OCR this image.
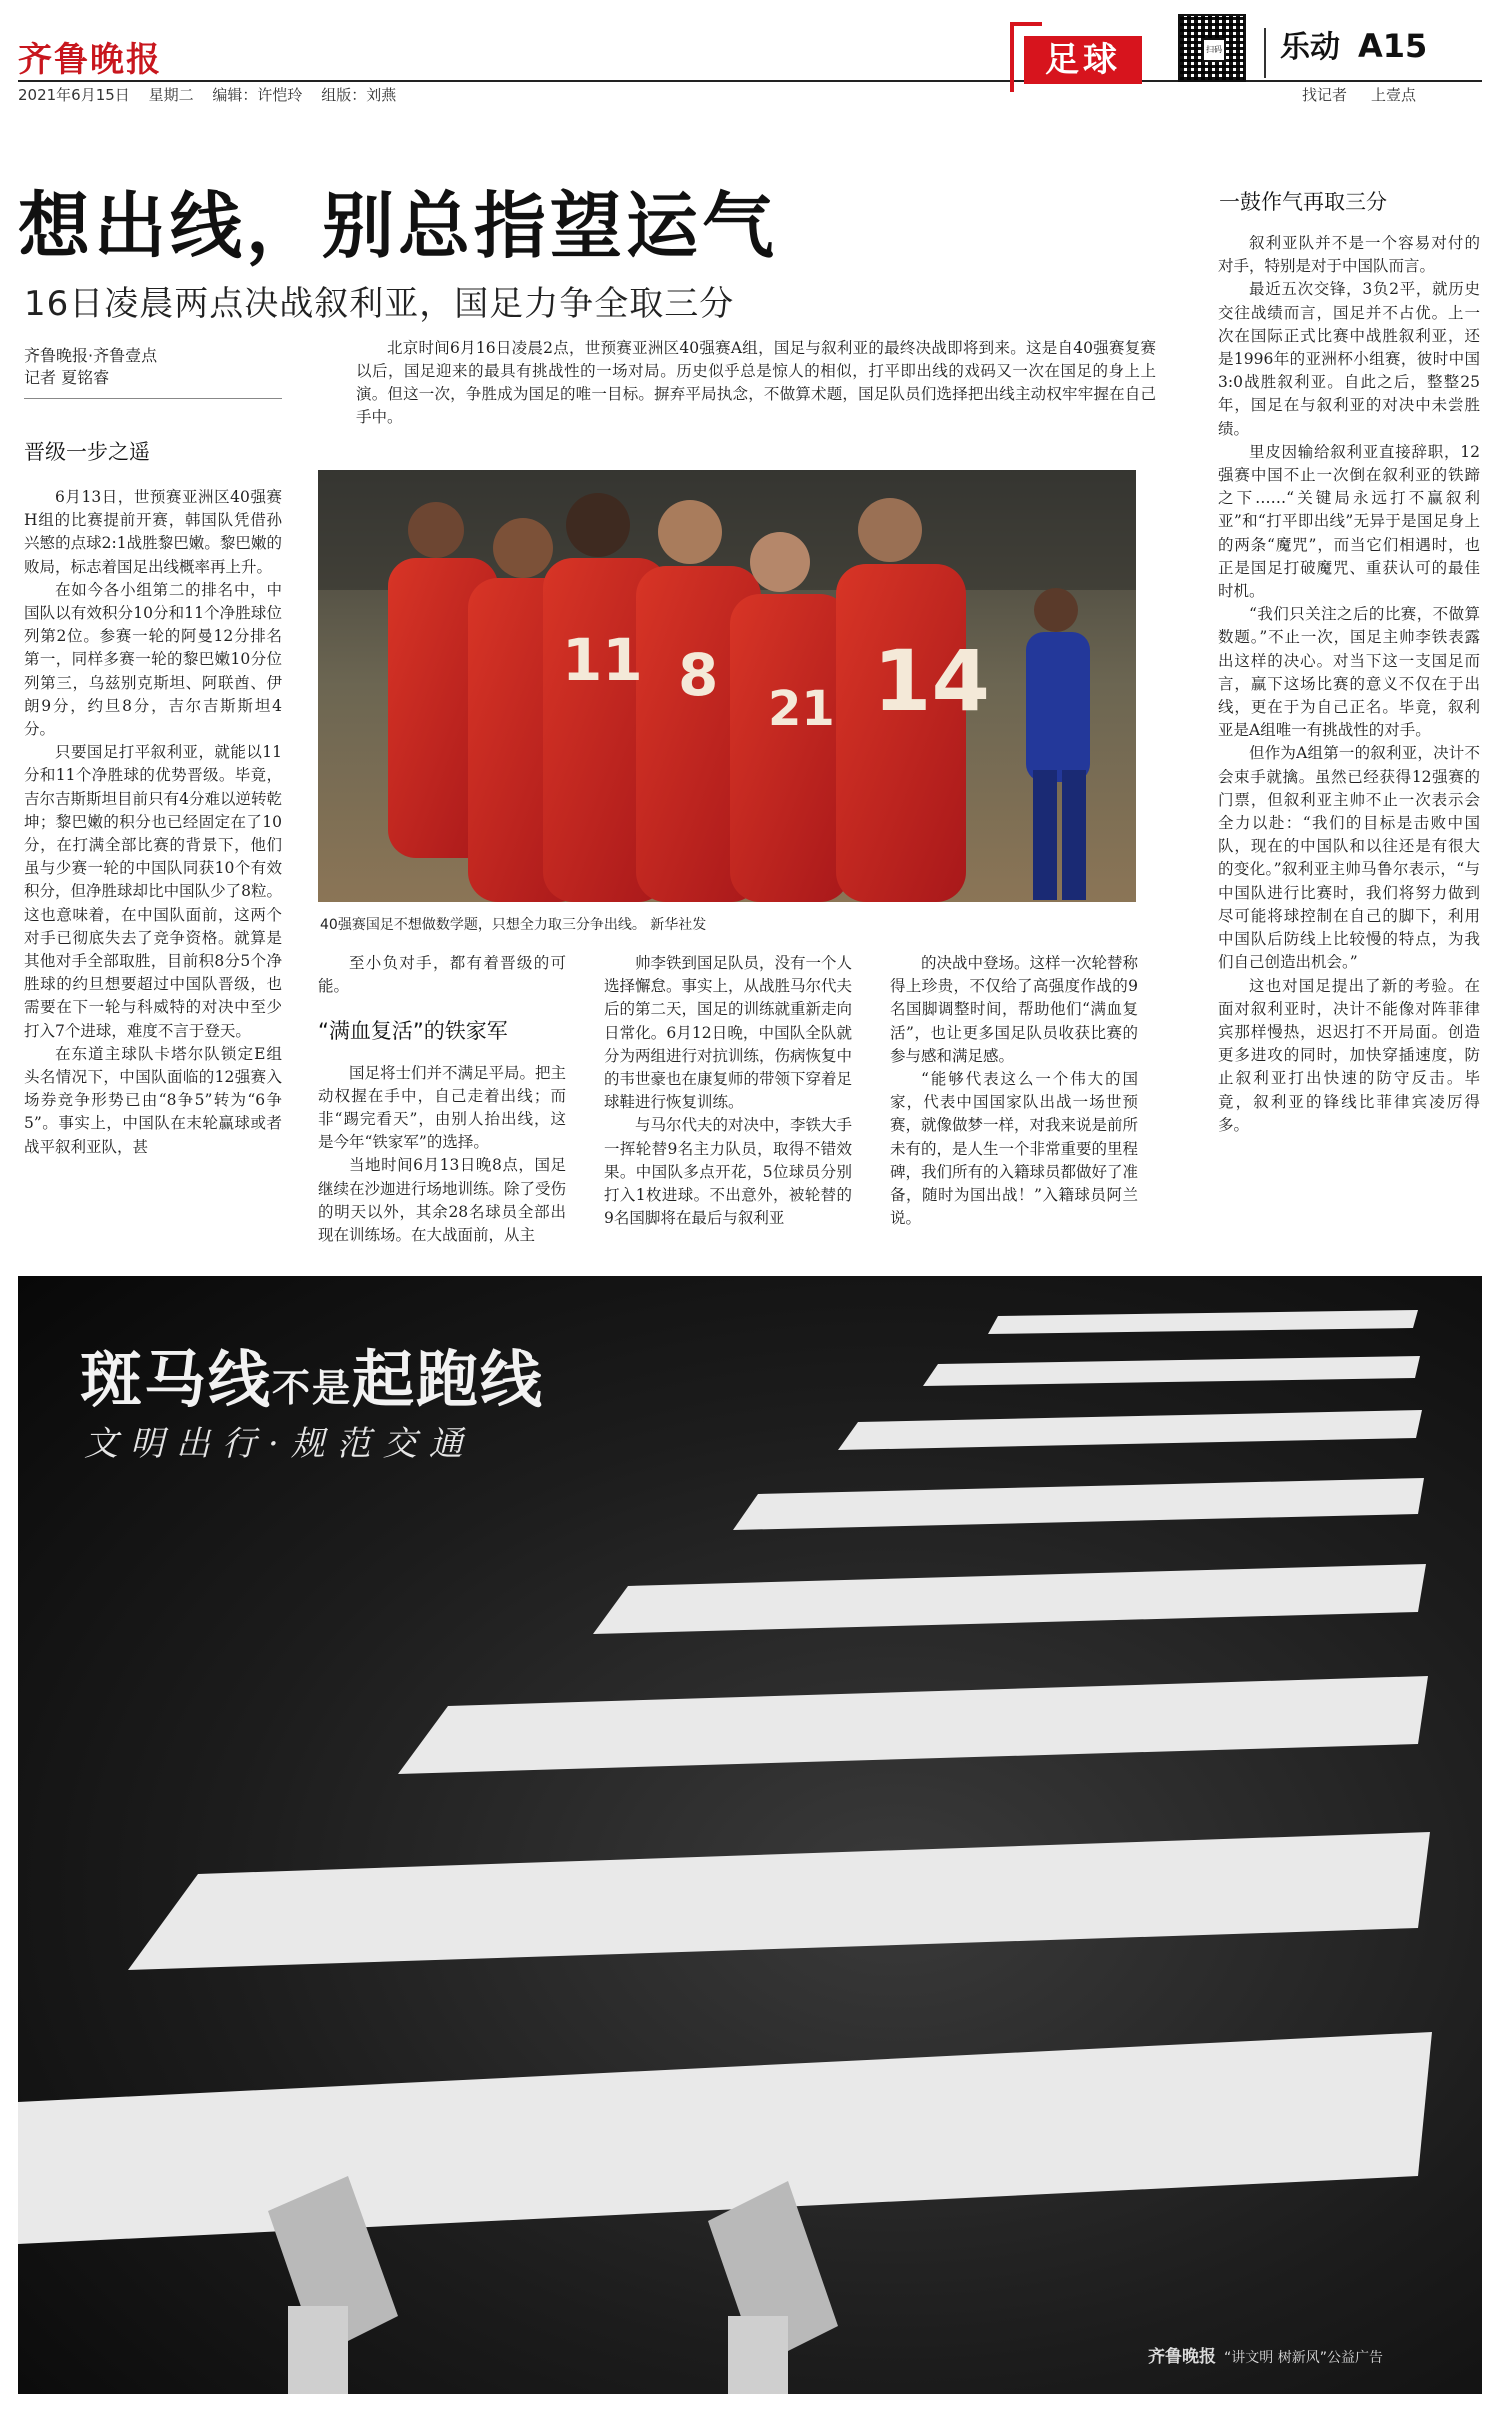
齐鲁晚报
2021年6月15日 星期二 编辑：许恺玲 组版：刘燕
足球	扫码 乐动 A15
找记者 上壹点
想出线，别总指望运气
16日凌晨两点决战叙利亚，国足力争全取三分
齐鲁晚报·齐鲁壹点
记者 夏铭睿
北京时间6月16日凌晨2点，世预赛亚洲区40强赛A组，国足与叙利亚的最终决战即将到来。这是自40强赛复赛以后，国足迎来的最具有挑战性的一场对局。历史似乎总是惊人的相似，打平即出线的戏码又一次在国足的身上上演。但这一次，争胜成为国足的唯一目标。摒弃平局执念，不做算术题，国足队员们选择把出线主动权牢牢握在自己手中。
11 8 21 14
40强赛国足不想做数学题，只想全力取三分争出线。 新华社发
晋级一步之遥

6月13日，世预赛亚洲区40强赛H组的比赛提前开赛，韩国队凭借孙兴慜的点球2:1战胜黎巴嫩。黎巴嫩的败局，标志着国足出线概率再上升。

在如今各小组第二的排名中，中国队以有效积分10分和11个净胜球位列第2位。参赛一轮的阿曼12分排名第一，同样多赛一轮的黎巴嫩10分位列第三，乌兹别克斯坦、阿联酋、伊朗9分，约旦8分，吉尔吉斯斯坦4分。

只要国足打平叙利亚，就能以11分和11个净胜球的优势晋级。毕竟，吉尔吉斯斯坦目前只有4分难以逆转乾坤；黎巴嫩的积分也已经固定在了10分，在打满全部比赛的背景下，他们虽与少赛一轮的中国队同获10个有效积分，但净胜球却比中国队少了8粒。这也意味着，在中国队面前，这两个对手已彻底失去了竞争资格。就算是其他对手全部取胜，目前积8分5个净胜球的约旦想要超过中国队晋级，也需要在下一轮与科威特的对决中至少打入7个进球，难度不言于登天。

在东道主球队卡塔尔队锁定E组头名情况下，中国队面临的12强赛入场券竞争形势已由“8争5”转为“6争5”。事实上，中国队在末轮赢球或者战平叙利亚队，甚

至小负对手，都有着晋级的可能。

“满血复活”的铁家军

国足将士们并不满足平局。把主动权握在手中，自己走着出线；而非“踢完看天”，由别人抬出线，这是今年“铁家军”的选择。

当地时间6月13日晚8点，国足继续在沙迦进行场地训练。除了受伤的明天以外，其余28名球员全部出现在训练场。在大战面前，从主

帅李铁到国足队员，没有一个人选择懈怠。事实上，从战胜马尔代夫后的第二天，国足的训练就重新走向日常化。6月12日晚，中国队全队就分为两组进行对抗训练，伤病恢复中的韦世豪也在康复师的带领下穿着足球鞋进行恢复训练。

与马尔代夫的对决中，李铁大手一挥轮替9名主力队员，取得不错效果。中国队多点开花，5位球员分别打入1枚进球。不出意外，被轮替的9名国脚将在最后与叙利亚

的决战中登场。这样一次轮替称得上珍贵，不仅给了高强度作战的9名国脚调整时间，帮助他们“满血复活”，也让更多国足队员收获比赛的参与感和满足感。

“能够代表这么一个伟大的国家，代表中国国家队出战一场世预赛，就像做梦一样，对我来说是前所未有的，是人生一个非常重要的里程碑，我们所有的入籍球员都做好了准备，随时为国出战！”入籍球员阿兰说。

一鼓作气再取三分

叙利亚队并不是一个容易对付的对手，特别是对于中国队而言。

最近五次交锋，3负2平，就历史交往战绩而言，国足并不占优。上一次在国际正式比赛中战胜叙利亚，还是1996年的亚洲杯小组赛，彼时中国3:0战胜叙利亚。自此之后，整整25年，国足在与叙利亚的对决中未尝胜绩。

里皮因输给叙利亚直接辞职，12强赛中国不止一次倒在叙利亚的铁蹄之下……“关键局永远打不赢叙利亚”和“打平即出线”无异于是国足身上的两条“魔咒”，而当它们相遇时，也正是国足打破魔咒、重获认可的最佳时机。

“我们只关注之后的比赛，不做算数题。”不止一次，国足主帅李铁表露出这样的决心。对当下这一支国足而言，赢下这场比赛的意义不仅在于出线，更在于为自己正名。毕竟，叙利亚是A组唯一有挑战性的对手。

但作为A组第一的叙利亚，决计不会束手就擒。虽然已经获得12强赛的门票，但叙利亚主帅不止一次表示会全力以赴：“我们的目标是击败中国队，现在的中国队和以往还是有很大的变化。”叙利亚主帅马鲁尔表示，“与中国队进行比赛时，我们将努力做到尽可能将球控制在自己的脚下，利用中国队后防线上比较慢的特点，为我们自己创造出机会。”

这也对国足提出了新的考验。在面对叙利亚时，决计不能像对阵菲律宾那样慢热，迟迟打不开局面。创造更多进攻的同时，加快穿插速度，防止叙利亚打出快速的防守反击。毕竟，叙利亚的锋线比菲律宾凌厉得多。

斑马线不是起跑线
文明出行·规范交通
齐鲁晚报 “讲文明 树新风”公益广告
